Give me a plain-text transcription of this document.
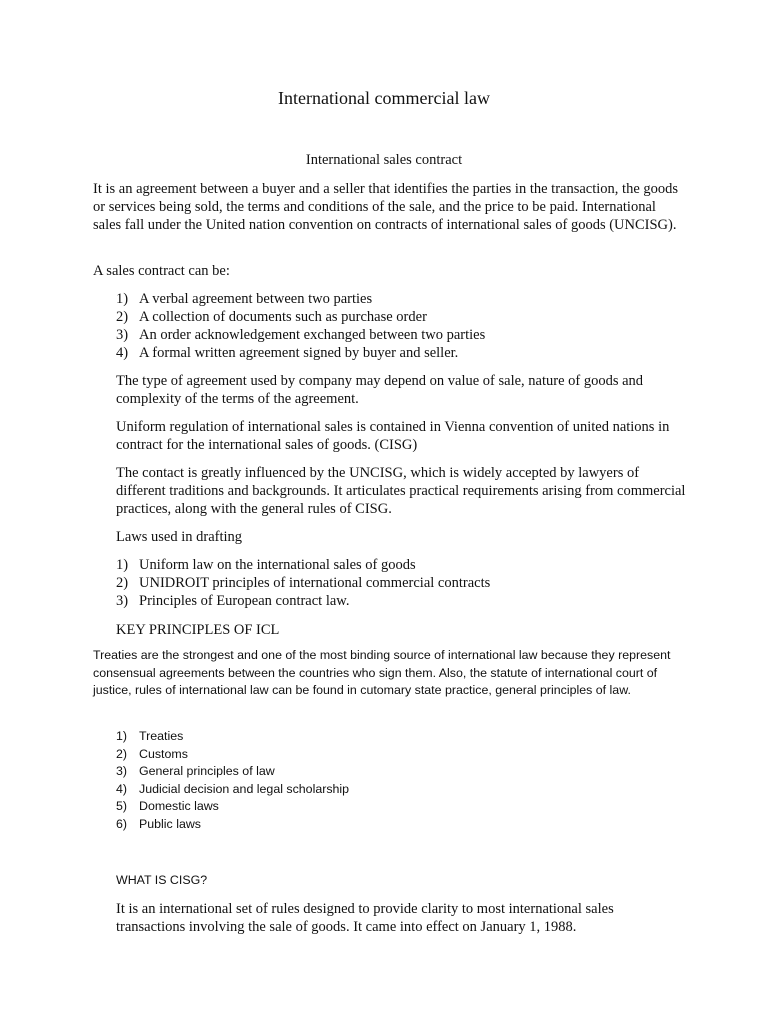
International commercial law
International sales contract

It is an agreement between a buyer and a seller that identifies the parties in the transaction, the goods or services being sold, the terms and conditions of the sale, and the price to be paid. International sales fall under the United nation convention on contracts of international sales of goods (UNCISG).

A sales contract can be:

1) A verbal agreement between two parties
2) A collection of documents such as purchase order
3) An order acknowledgement exchanged between two parties
4) A formal written agreement signed by buyer and seller.

The type of agreement used by company may depend on value of sale, nature of goods and complexity of the terms of the agreement.

Uniform regulation of international sales is contained in Vienna convention of united nations in contract for the international sales of goods. (CISG)

The contact is greatly influenced by the UNCISG, which is widely accepted by lawyers of different traditions and backgrounds. It articulates practical requirements arising from commercial practices, along with the general rules of CISG.

Laws used in drafting

1) Uniform law on the international sales of goods
2) UNIDROIT principles of international commercial contracts
3) Principles of European contract law.
KEY PRINCIPLES OF ICL

Treaties are the strongest and one of the most binding source of international law because they represent consensual agreements between the countries who sign them. Also, the statute of international court of justice, rules of international law can be found in cutomary state practice, general principles of law.

1) Treaties
2) Customs
3) General principles of law
4) Judicial decision and legal scholarship
5) Domestic laws
6) Public laws
WHAT IS CISG?

It is an international set of rules designed to provide clarity to most international sales transactions involving the sale of goods. It came into effect on January 1, 1988.
